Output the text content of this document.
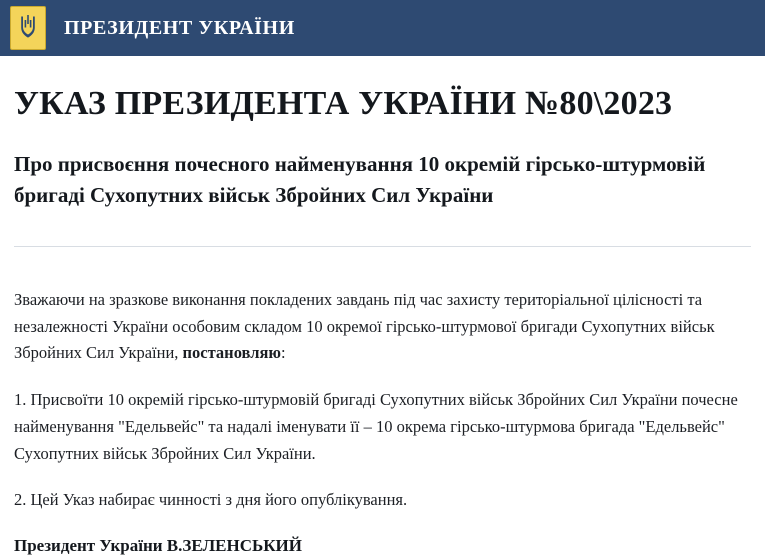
ПРЕЗИДЕНТ УКРАЇНИ
УКАЗ ПРЕЗИДЕНТА УКРАЇНИ №80\2023
Про присвоєння почесного найменування 10 окремій гірсько-штурмовій бригаді Сухопутних військ Збройних Сил України

Зважаючи на зразкове виконання покладених завдань під час захисту територіальної цілісності та незалежності України особовим складом 10 окремої гірсько-штурмової бригади Сухопутних військ Збройних Сил України, постановляю:

1. Присвоїти 10 окремій гірсько-штурмовій бригаді Сухопутних військ Збройних Сил України почесне найменування "Едельвейс" та надалі іменувати її – 10 окрема гірсько-штурмова бригада "Едельвейс" Сухопутних військ Збройних Сил України.

2. Цей Указ набирає чинності з дня його опублікування.

Президент України В.ЗЕЛЕНСЬКИЙ
